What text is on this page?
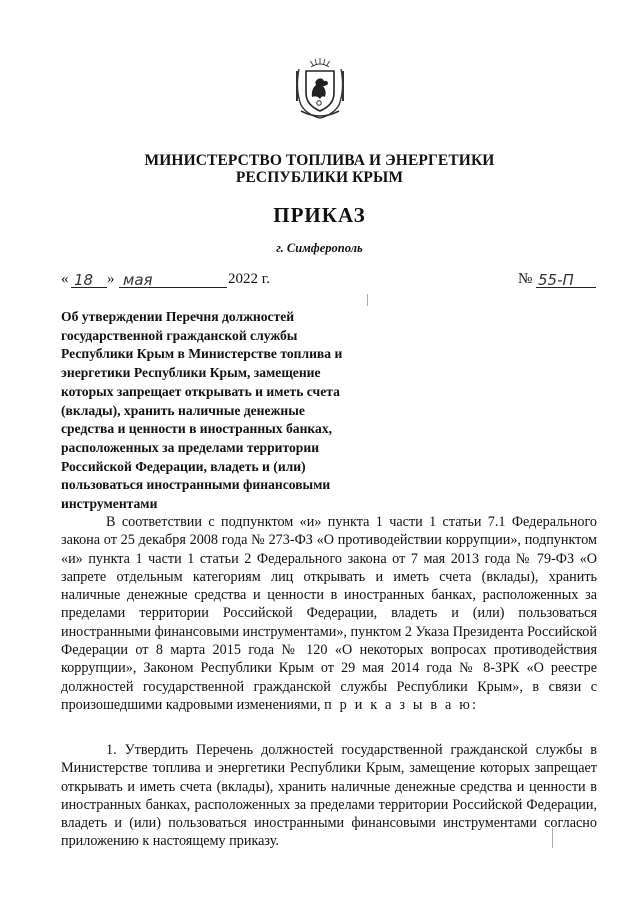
МИНИСТЕРСТВО ТОПЛИВА И ЭНЕРГЕТИКИ
РЕСПУБЛИКИ КРЫМ
ПРИКАЗ
г. Симферополь
« 18 » мая	2022 г.	№ 55-П
Об утверждении Перечня должностей государственной гражданской службы Республики Крым в Министерстве топлива и энергетики Республики Крым, замещение которых запрещает открывать и иметь счета (вклады), хранить наличные денежные средства и ценности в иностранных банках, расположенных за пределами территории Российской Федерации, владеть и (или) пользоваться иностранными финансовыми инструментами
В соответствии с подпунктом «и» пункта 1 части 1 статьи 7.1 Федерального закона от 25 декабря 2008 года № 273-ФЗ «О противодействии коррупции», подпунктом «и» пункта 1 части 1 статьи 2 Федерального закона от 7 мая 2013 года № 79-ФЗ «О запрете отдельным категориям лиц открывать и иметь счета (вклады), хранить наличные денежные средства и ценности в иностранных банках, расположенных за пределами территории Российской Федерации, владеть и (или) пользоваться иностранными финансовыми инструментами», пунктом 2 Указа Президента Российской Федерации от 8 марта 2015 года № 120 «О некоторых вопросах противодействия коррупции», Законом Республики Крым от 29 мая 2014 года № 8-ЗРК «О реестре должностей государственной гражданской службы Республики Крым», в связи с произошедшими кадровыми изменениями, п р и к а з ы в а ю:
1. Утвердить Перечень должностей государственной гражданской службы в Министерстве топлива и энергетики Республики Крым, замещение которых запрещает открывать и иметь счета (вклады), хранить наличные денежные средства и ценности в иностранных банках, расположенных за пределами территории Российской Федерации, владеть и (или) пользоваться иностранными финансовыми инструментами согласно приложению к настоящему приказу.
